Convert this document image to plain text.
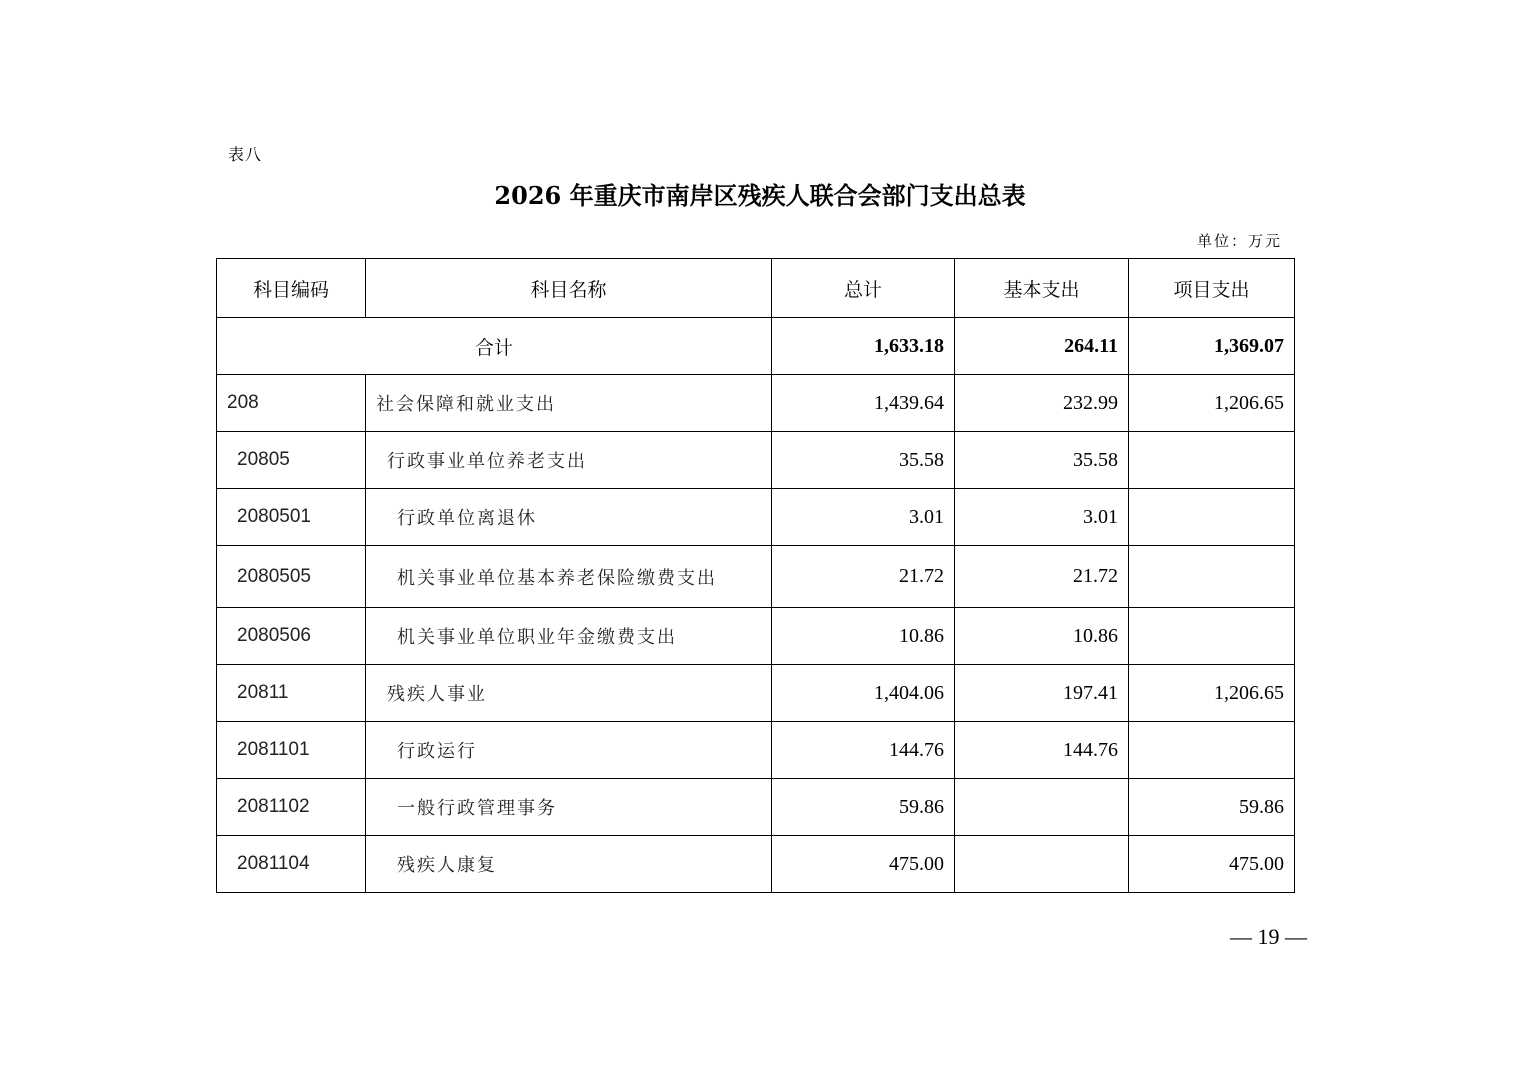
表八
2026 年重庆市南岸区残疾人联合会部门支出总表
单位：万元
科目编码	科目名称	总计	基本支出	项目支出
合计		1,633.18	264.11	1,369.07
208	社会保障和就业支出	1,439.64	232.99	1,206.65
20805	行政事业单位养老支出	35.58	35.58	
2080501	行政单位离退休	3.01	3.01	
2080505	机关事业单位基本养老保险缴费支出	21.72	21.72	
2080506	机关事业单位职业年金缴费支出	10.86	10.86	
20811	残疾人事业	1,404.06	197.41	1,206.65
2081101	行政运行	144.76	144.76	
2081102	一般行政管理事务	59.86		59.86
2081104	残疾人康复	475.00		475.00
— 19 —
